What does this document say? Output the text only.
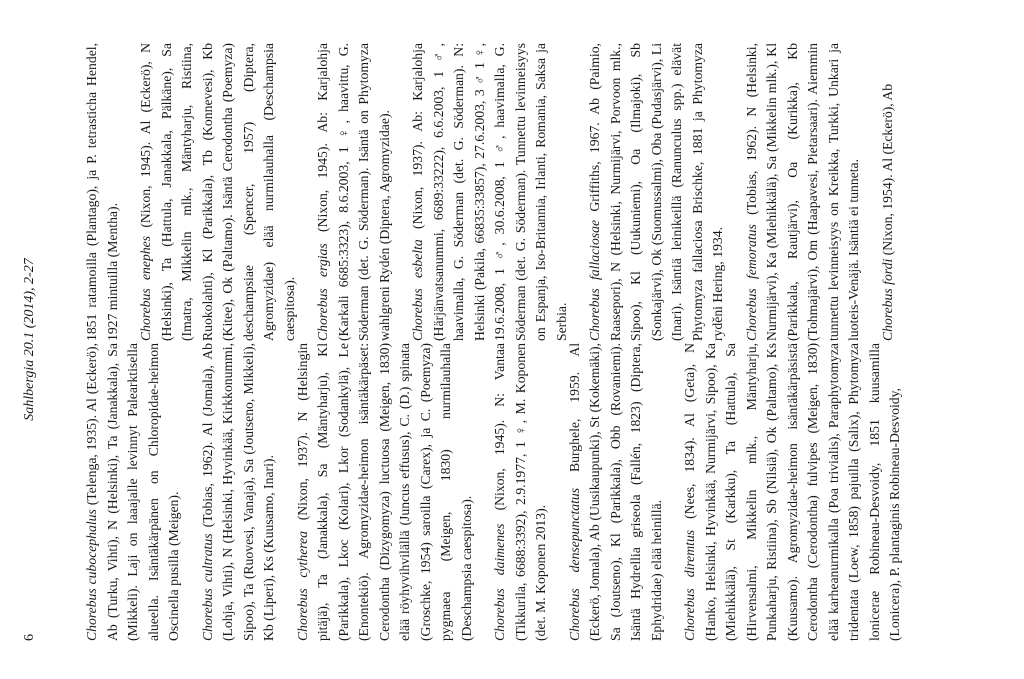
6
Sahlbergia 20.1 (2014), 2-27

Chorebus cubocephalus (Telenga, 1935). Al (Eckerö), Ab (Turku, Vihti), N (Helsinki), Ta (Janakkala), Sa (Mikkeli). Laji on laaajalle levinnyt Palearktisella alueella. Isäntäkärpänen on Chloropidae-heimon Oscinella pusilla (Meigen). Chorebus cultratus (Tobias, 1962). Al (Jomala), Ab (Lohja, Vihti), N (Helsinki, Hyvinkää, Kirkkonummi, Sipoo), Ta (Ruovesi, Vanaja), Sa (Joutseno, Mikkeli), Kb (Liperi), Ks (Kuusamo, Inari). Chorebus cytherea (Nixon, 1937). N (Helsingin pitäjä), Ta (Janakkala), Sa (Mäntyharju), Kl (Parikkala), Lkoc (Kolari), Lkor (Sodankylä), Le (Enontekiö). Agromyzidae-heimon isäntäkärpäset: Cerodontha (Dizygomyza) luctuosa (Meigen, 1830) elää röyhyvihvilällä (Juncus effusus), C. (D.) spinata (Groschke, 1954) saroilla (Carex), ja C. (Poemyza) pygmaea (Meigen, 1830) nurmilauhalla (Deschampsia caespitosa). Chorebus daimenes (Nixon, 1945). N: Vantaa (Tikkurila, 6688:3392), 2.9.1977, 1 ♀, M. Koponen (det. M. Koponen 2013). Chorebus densepunctatus Burghele, 1959. Al (Eckerö, Jomala), Ab (Uusikaupunki), St (Kokemäki), Sa (Joutseno), Kl (Parikkala), Obb (Rovaniemi). Isäntä Hydrellia griseola (Fallén, 1823) (Diptera, Ephydridae) elää heinillä. Chorebus diremtus (Nees, 1834). Al (Geta), N (Hanko, Helsinki, Hyvinkää, Nurmijärvi, Sipoo), Ka (Miehikkälä), St (Karkku), Ta (Hattula), Sa (Hirvensalmi, Mikkelin mlk., Mäntyharju, Punkaharju, Ristiina), Sb (Nilsiä), Ok (Paltamo), Ks (Kuusamo). Agromyzidae-heimon isäntäkärpäsistä Cerodontha (Cerodontha) fulvipes (Meigen, 1830) elää karheanurmikalla (Poa trivialis), Paraphytomyza tridentata (Loew, 1858) pajuilla (Salix), Phytomyza lonicerae Robineau-Desvoidy, 1851 kuusamilla (Lonicera), P. plantaginis Robineau-Desvoidy,

1851 ratamoilla (Plantago), ja P. tetrasticha Hendel, 1927 mintuilla (Mentha). Chorebus enephes (Nixon, 1945). Al (Eckerö), N (Helsinki), Ta (Hattula, Janakkala, Pälkäne), Sa (Imatra, Mikkelin mlk., Mäntyharju, Ristiina, Ruokolahti), Kl (Parikkala), Tb (Konnevesi), Kb (Kitee), Ok (Paltamo). Isäntä Cerodontha (Poemyza) deschampsiae (Spencer, 1957) (Diptera, Agromyzidae) elää nurmilauhalla (Deschampsia caespitosa). Chorebus ergias (Nixon, 1945). Ab: Karjalohja (Karkali 6685:3323), 8.6.2003, 1 ♀, haavittu, G. Söderman (det. G. Söderman). Isäntä on Phytomyza wahlgreni Rydén (Diptera, Agromyzidae). Chorebus esbelta (Nixon, 1937). Ab: Karjalohja (Härjänvatsanummi, 6689:33222), 6.6.2003, 1 ♂, haavimalla, G. Söderman (det. G. Söderman). N: Helsinki (Pakila, 66835:33857), 27.6.2003, 3 ♂ 1 ♀, 19.6.2008, 1 ♂, 30.6.2008, 1 ♂, haavimalla, G. Söderman (det. G. Söderman). Tunnettu levinneisyys on Espanja, Iso-Britannia, Irlanti, Romania, Saksa ja Serbia. Chorebus fallaciosae Griffiths, 1967. Ab (Paimio, Raasepori), N (Helsinki, Nurmijärvi, Porvoon mlk., Sipoo), Kl (Uukuniemi), Oa (Ilmajoki), Sb (Sonkajärvi), Ok (Suomussalmi), Oba (Pudasjärvi), Li (Inari). Isäntiä leinikeillä (Ranunculus spp.) elävät Phytomyza fallaciosa Brischke, 1881 ja Phytomyza ryděni Hering, 1934. Chorebus femoratus (Tobias, 1962). N (Helsinki, Nurmijärvi), Ka (Miehikkälä), Sa (Mikkelin mlk.), Kl (Parikkala, Rautjärvi), Oa (Kurikka), Kb (Tohmajärvi), Om (Haapavesi, Pietarsaari). Aiemmin tunnettu levinneisyys on Kreikka, Turkki, Unkari ja luoteis-Venäjä. Isäntiä ei tunneta. Chorebus fordi (Nixon, 1954). Al (Eckerö), Ab
